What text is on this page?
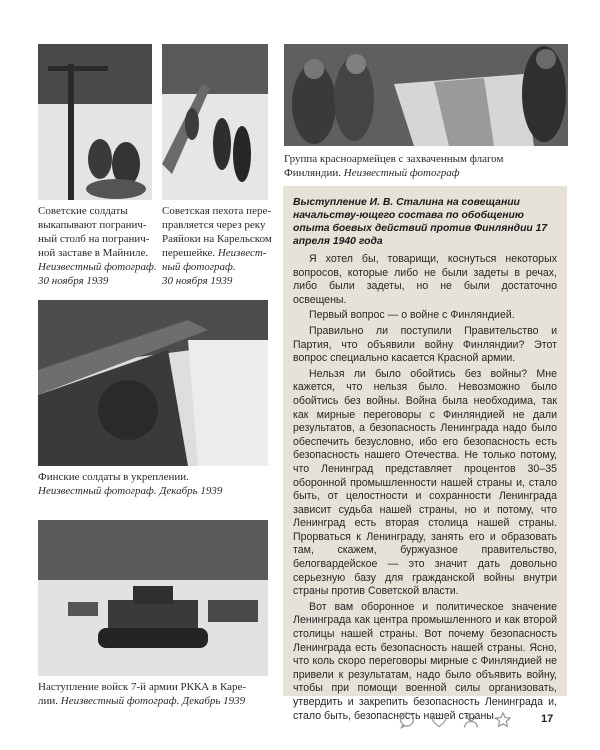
Советские солдаты
выкапывают погранич-
ный столб на погранич-
ной заставе в Майниле.
Неизвестный фотограф.
30 ноября 1939
Советская пехота пере-
правляется через реку
Раяйоки на Карельском
перешейке. Неизвест-
ный фотограф.
30 ноября 1939
Группа красноармейцев с захваченным флагом
Финляндии. Неизвестный фотограф
Финские солдаты в укреплении.
Неизвестный фотограф. Декабрь 1939
Наступление войск 7-й армии РККА в Каре-
лии. Неизвестный фотограф. Декабрь 1939
Выступление И. В. Сталина на совещании начальству-ющего состава по обобщению опыта боевых действий против Финляндии 17 апреля 1940 года

Я хотел бы, товарищи, коснуться некоторых вопросов, которые либо не были задеты в речах, либо были задеты, но не были достаточно освещены.

Первый вопрос — о войне с Финляндией.

Правильно ли поступили Правительство и Партия, что объявили войну Финляндии? Этот вопрос специально касается Красной армии.

Нельзя ли было обойтись без войны? Мне кажется, что нельзя было. Невозможно было обойтись без войны. Война была необходима, так как мирные переговоры с Финляндией не дали результатов, а безопасность Ленинграда надо было обеспечить безусловно, ибо его безопасность есть безопасность нашего Отечества. Не только потому, что Ленинград представляет процентов 30–35 оборонной промышленности нашей страны и, стало быть, от целостности и сохранности Ленинграда зависит судьба нашей страны, но и потому, что Ленинград есть вторая столица нашей страны. Прорваться к Ленинграду, занять его и образовать там, скажем, буржуазное правительство, белогвардейское — это значит дать довольно серьезную базу для гражданской войны внутри страны против Советской власти.

Вот вам оборонное и политическое значение Ленинграда как центра промышленного и как второй столицы нашей страны. Вот почему безопасность Ленинграда есть безопасность нашей страны. Ясно, что коль скоро переговоры мирные с Финляндией не привели к результатам, надо было объявить войну, чтобы при помощи военной силы организовать, утвердить и закрепить безопасность Ленинграда и, стало быть, безопасность нашей страны.	17
